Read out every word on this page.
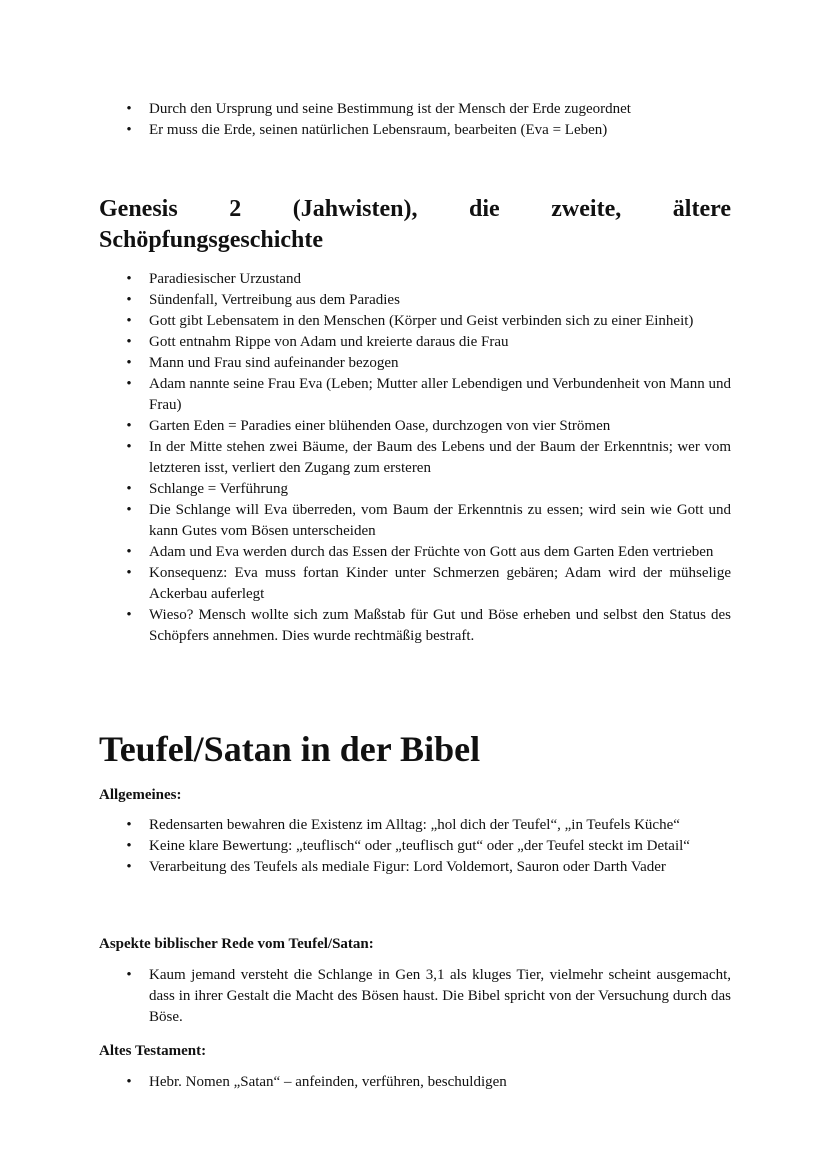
• Durch den Ursprung und seine Bestimmung ist der Mensch der Erde zugeordnet
• Er muss die Erde, seinen natürlichen Lebensraum, bearbeiten (Eva = Leben)
Genesis 2 (Jahwisten), die zweite, ältere
Schöpfungsgeschichte
• Paradiesischer Urzustand
• Sündenfall, Vertreibung aus dem Paradies
• Gott gibt Lebensatem in den Menschen (Körper und Geist verbinden sich zu einer Einheit)
• Gott entnahm Rippe von Adam und kreierte daraus die Frau
• Mann und Frau sind aufeinander bezogen
• Adam nannte seine Frau Eva (Leben; Mutter aller Lebendigen und Verbundenheit von Mann und Frau)
• Garten Eden = Paradies einer blühenden Oase, durchzogen von vier Strömen
• In der Mitte stehen zwei Bäume, der Baum des Lebens und der Baum der Erkenntnis; wer vom letzteren isst, verliert den Zugang zum ersteren
• Schlange = Verführung
• Die Schlange will Eva überreden, vom Baum der Erkenntnis zu essen; wird sein wie Gott und kann Gutes vom Bösen unterscheiden
• Adam und Eva werden durch das Essen der Früchte von Gott aus dem Garten Eden vertrieben
• Konsequenz: Eva muss fortan Kinder unter Schmerzen gebären; Adam wird der mühselige Ackerbau auferlegt
• Wieso? Mensch wollte sich zum Maßstab für Gut und Böse erheben und selbst den Status des Schöpfers annehmen. Dies wurde rechtmäßig bestraft.
Teufel/Satan in der Bibel
Allgemeines:
• Redensarten bewahren die Existenz im Alltag: „hol dich der Teufel“, „in Teufels Küche“
• Keine klare Bewertung: „teuflisch“ oder „teuflisch gut“ oder „der Teufel steckt im Detail“
• Verarbeitung des Teufels als mediale Figur: Lord Voldemort, Sauron oder Darth Vader
Aspekte biblischer Rede vom Teufel/Satan:
• Kaum jemand versteht die Schlange in Gen 3,1 als kluges Tier, vielmehr scheint ausgemacht, dass in ihrer Gestalt die Macht des Bösen haust. Die Bibel spricht von der Versuchung durch das Böse.
Altes Testament:
• Hebr. Nomen „Satan“ – anfeinden, verführen, beschuldigen
